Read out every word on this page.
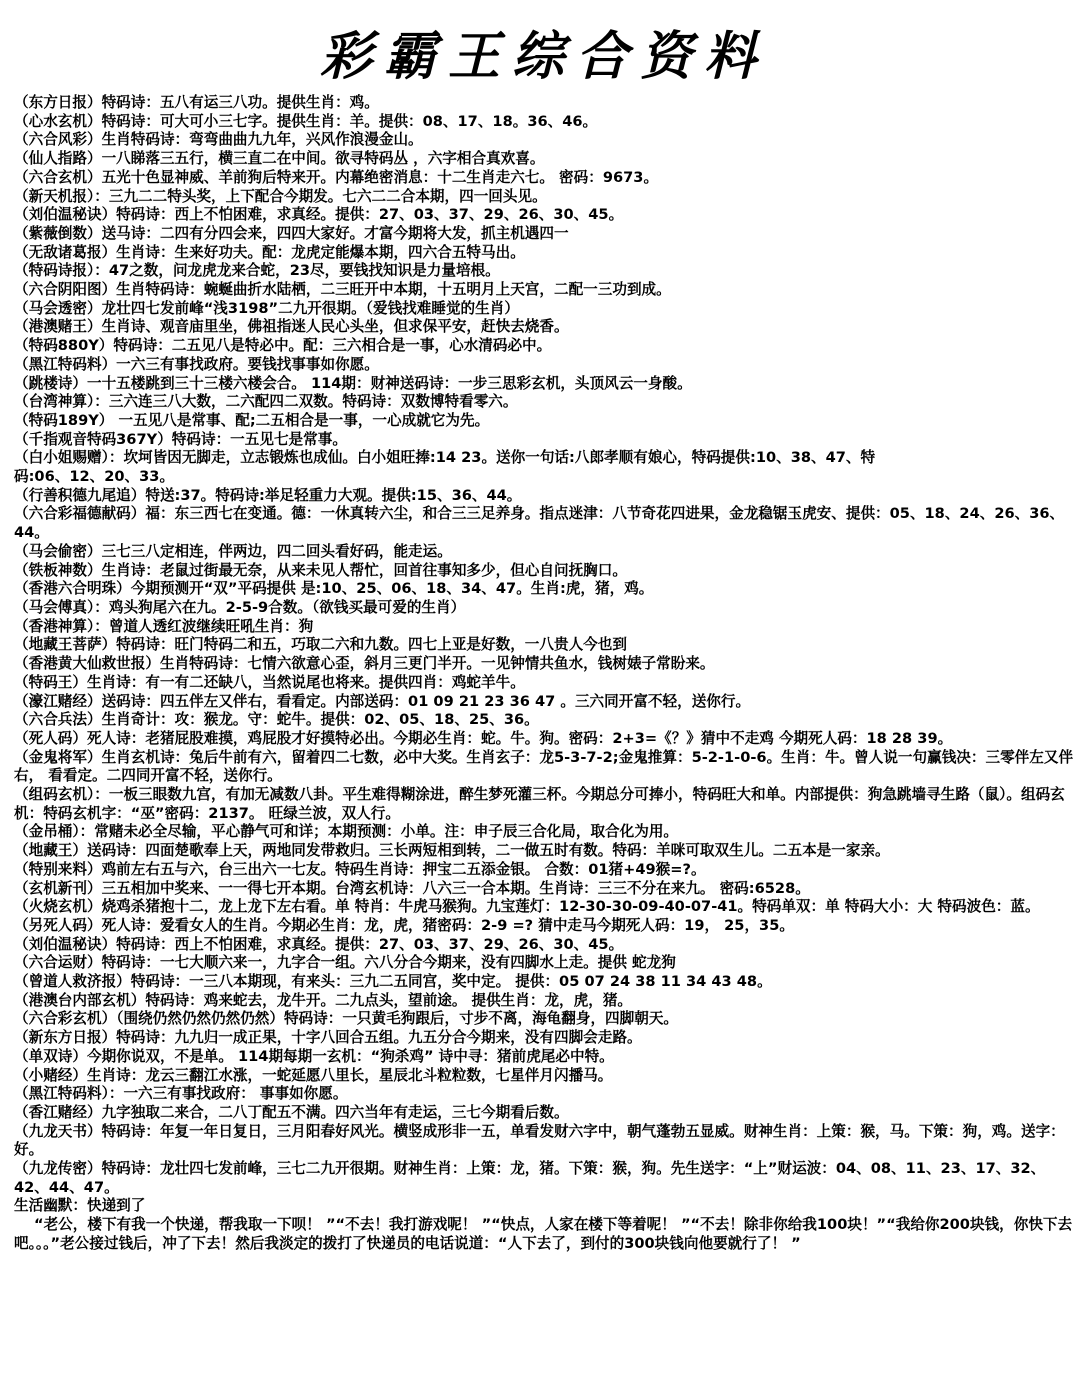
彩霸王综合资料
（东方日报）特码诗：五八有运三八功。提供生肖：鸡。
（心水玄机）特码诗：可大可小三七字。提供生肖：羊。提供：08、17、18。36、46。
（六合风彩）生肖特码诗：弯弯曲曲九九年，兴风作浪漫金山。
（仙人指路）一八睇落三五行，横三直二在中间。欲寻特码丛 ，六字相合真欢喜。
（六合玄机）五光十色显神威、羊前狗后特来开。内幕绝密消息：十二生肖走六七。 密码：9673。
（新天机报）：三九二二特头奖，上下配合今期发。七六二二合本期，四一回头见。
（刘伯温秘诀）特码诗：西上不怕困难，求真经。提供：27、03、37、29、26、30、45。
（紫薇倒数）送马诗：二四有分四会来，四四大家好。才富今期将大发，抓主机遇四一
（无敌诸葛报）生肖诗：生来好功夫。配：龙虎定能爆本期，四六合五特马出。
（特码诗报）：47之数，问龙虎龙来合蛇，23尽，要钱找知识是力量培根。
（六合阴阳图）生肖特码诗：蜿蜒曲折水陆栖，二三旺开中本期，十五明月上天宫，二配一三功到成。
（马会透密）龙壮四七发前峰“浅3198”二九开很期。（爱钱找难睡觉的生肖）
（港澳赌王）生肖诗、观音庙里坐，佛祖指迷人民心头坐，但求保平安，赶快去烧香。
（特码880Y）特码诗：二五见八是特必中。配：三六相合是一事，心水清码必中。
（黑江特码料）一六三有事找政府。要钱找事事如你愿。
（跳楼诗）一十五楼跳到三十三楼六楼会合。 114期：财神送码诗：一步三思彩玄机，头顶风云一身酸。
（台湾神算）：三六连三八大数，二六配四二双数。特码诗：双数博特看零六。
（特码189Y） 一五见八是常事、配;二五相合是一事，一心成就它为先。
（千指观音特码367Y）特码诗：一五见七是常事。
（白小姐赐赠）：坎坷皆因无脚走，立志锻炼也成仙。白小姐旺捧:14 23。送你一句话:八郎孝顺有娘心，特码提供:10、38、47、特
码:06、12、20、33。
（行善积德九尾追）特送:37。特码诗:举足轻重力大观。提供:15、36、44。
（六合彩福德献码）福：东三西七在变通。德：一休真转六尘，和合三三足养身。指点迷津：八节奇花四进果，金龙稳锯玉虎安、提供：05、18、24、26、36、44。
（马会偷密）三七三八定相连，伴两边，四二回头看好码，能走运。
（铁板神数）生肖诗：老鼠过街最无奈，从来未见人帮忙，回首往事知多少，但心自问抚胸口。
（香港六合明珠）今期预测开“双”平码提供 是:10、25、06、18、34、47。生肖:虎，猪，鸡。
（马会傅真）：鸡头狗尾六在九。2-5-9合数。（欲钱买最可爱的生肖）
（香港神算）：曾道人透红波继续旺吼生肖：狗
（地藏王菩萨）特码诗：旺门特码二和五，巧取二六和九数。四七上亚是好数，一八贵人今也到
（香港黄大仙救世报）生肖特码诗：七情六欲意心歪，斜月三更门半开。一见钟情共鱼水，钱树婊子常盼来。
（特码王）生肖诗：有一有二还缺八，当然说尾也将来。提供四肖：鸡蛇羊牛。
（濠江赌经）送码诗：四五伴左又伴右，看看定。内部送码：01 09 21 23 36 47 。三六同开富不轻，送你行。
（六合兵法）生肖奇计：攻：猴龙。守：蛇牛。提供：02、05、18、25、36。
（死人码）死人诗：老猪屁股难摸，鸡屁股才好摸特必出。今期必生肖：蛇。牛。狗。密码：2+3=《？》猜中不走鸡 今期死人码：18 28 39。
（金鬼将军）生肖玄机诗：兔后牛前有六，留着四二七数，必中大奖。生肖玄子：龙5-3-7-2;金鬼推算：5-2-1-0-6。生肖：牛。曾人说一句赢钱决：三零伴左又伴右， 看看定。二四同开富不轻，送你行。
（组码玄机）：一板三眼数九宫，有加无减数八卦。平生难得糊涂进，醉生梦死灌三杯。今期总分可捧小，特码旺大和单。内部提供：狗急跳墙寻生路（鼠）。组码玄机：特码玄机字：“巫”密码：2137。 旺绿兰波，双人行。
（金吊桶）：常赌未必全尽输，平心静气可和详；本期预测：小单。注：申子辰三合化局，取合化为用。
（地藏王）送码诗：四面楚歌奉上天，两地同发带救归。三长两短相到转，二一做五时有数。特码：羊咪可取双生儿。二五本是一家亲。
（特别来料）鸡前左右五与六，台三出六一七友。特码生肖诗：押宝二五添金银。 合数：01猪+49猴=?。
（玄机新刊）三五相加中奖来、一一得七开本期。台湾玄机诗：八六三一合本期。生肖诗：三三不分在来九。 密码:6528。
（火烧玄机）烧鸡杀猪抱十二，龙上龙下左右看。单 特肖：牛虎马猴狗。九宝莲灯：12-30-30-09-40-07-41。特码单双：单 特码大小：大 特码波色：蓝。
（另死人码）死人诗：爱看女人的生肖。今期必生肖：龙，虎，猪密码：2-9 =? 猜中走马今期死人码：19， 25，35。
（刘伯温秘诀）特码诗：西上不怕困难，求真经。提供：27、03、37、29、26、30、45。
（六合运财）特码诗：一七大顺六来一，九字合一组。六八分合今期来，没有四脚水上走。提供 蛇龙狗
（曾道人救济报）特码诗：一三八本期现，有来头：三九二五同宫，奖中定。 提供：05 07 24 38 11 34 43 48。
（港澳台内部玄机）特码诗：鸡来蛇去，龙牛开。二九点头，望前途。 提供生肖：龙，虎，猪。
（六合彩玄机）（围绕仍然仍然仍然仍然）特码诗：一只黄毛狗跟后，寸步不离，海龟翻身，四脚朝天。
（新东方日报）特码诗：九九归一成正果，十字八回合五组。九五分合今期来，没有四脚会走路。
（单双诗）今期你说双，不是单。 114期每期一玄机：“狗杀鸡” 诗中寻：猪前虎尾必中特。
（小赌经）生肖诗：龙云三翻江水涨，一蛇延愿八里长，星辰北斗粒粒数，七星伴月闪播马。
（黑江特码料）：一六三有事找政府： 事事如你愿。
（香江赌经）九字独取二来合，二八丁配五不满。四六当年有走运，三七今期看后数。
（九龙天书）特码诗：年复一年日复日，三月阳春好风光。横竖成形非一五，单看发财六字中，朝气蓬勃五显威。财神生肖：上策：猴，马。下策：狗，鸡。送字：好。
（九龙传密）特码诗：龙壮四七发前峰，三七二九开很期。财神生肖：上策：龙，猪。下策：猴，狗。先生送字：“上”财运波：04、08、11、23、17、32、42、44、47。
生活幽默：快递到了
“老公，楼下有我一个快递，帮我取一下呗！ ”“不去！我打游戏呢！ ”“快点，人家在楼下等着呢！ ”“不去！除非你给我100块！”“我给你200块钱，你快下去吧。。。”老公接过钱后，冲了下去！然后我淡定的拨打了快递员的电话说道：“人下去了，到付的300块钱向他要就行了！ ”
